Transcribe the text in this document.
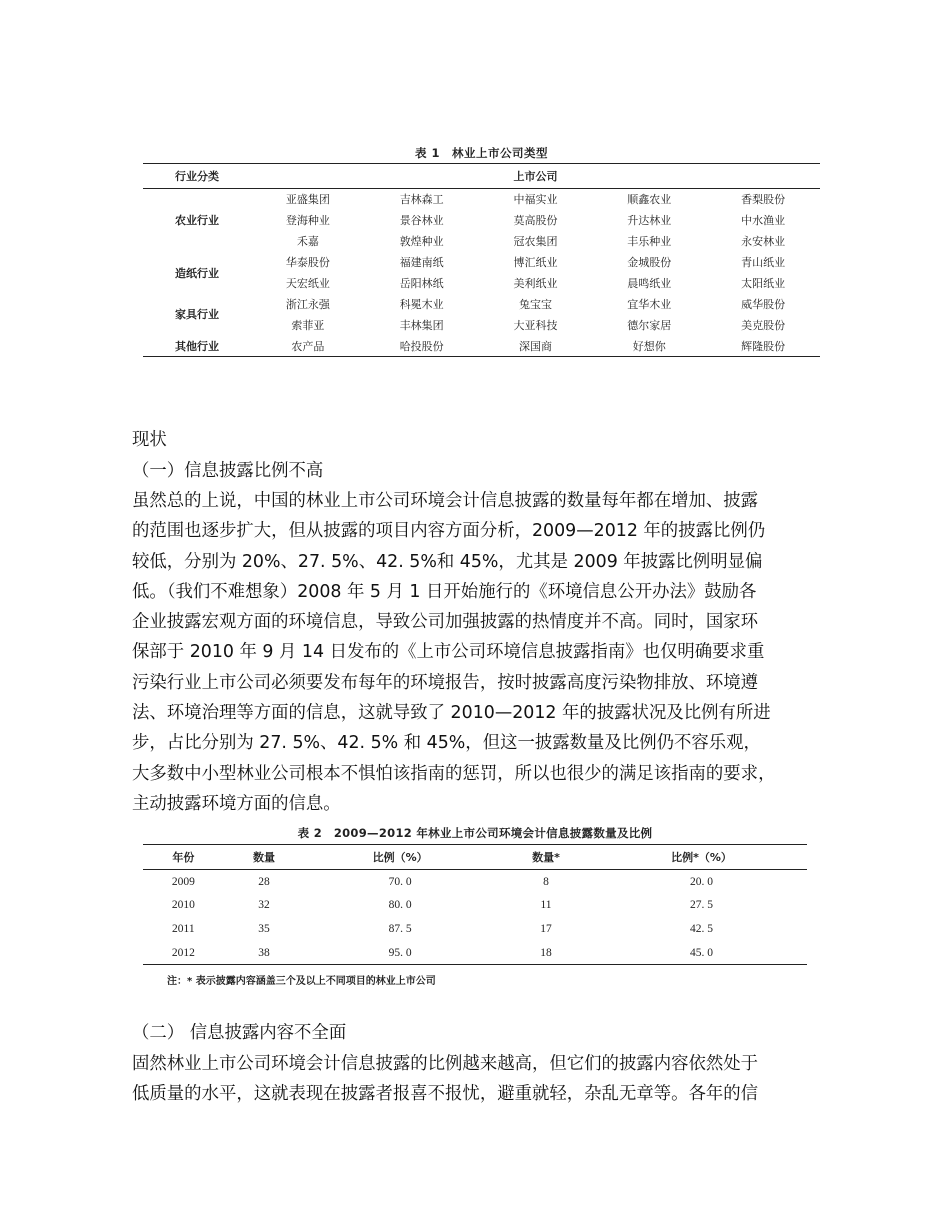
表 1　林业上市公司类型
行业分类	上市公司				
农业行业	亚盛集团	吉林森工	中福实业	顺鑫农业	香梨股份
	登海种业	景谷林业	莫高股份	升达林业	中水渔业
	禾嘉	敦煌种业	冠农集团	丰乐种业	永安林业
造纸行业	华泰股份	福建南纸	博汇纸业	金城股份	青山纸业
	天宏纸业	岳阳林纸	美利纸业	晨鸣纸业	太阳纸业
家具行业	浙江永强	科冕木业	兔宝宝	宜华木业	威华股份
	索菲亚	丰林集团	大亚科技	德尔家居	美克股份
其他行业	农产品	哈投股份	深国商	好想你	辉隆股份
现状
（一）信息披露比例不高
虽然总的上说，中国的林业上市公司环境会计信息披露的数量每年都在增加、披露
的范围也逐步扩大，但从披露的项目内容方面分析，2009—2012 年的披露比例仍
较低，分别为 20%、27. 5%、42. 5%和 45%，尤其是 2009 年披露比例明显偏
低。（我们不难想象）2008 年 5 月 1 日开始施行的《环境信息公开办法》鼓励各
企业披露宏观方面的环境信息，导致公司加强披露的热情度并不高。同时，国家环
保部于 2010 年 9 月 14 日发布的《上市公司环境信息披露指南》也仅明确要求重
污染行业上市公司必须要发布每年的环境报告，按时披露高度污染物排放、环境遵
法、环境治理等方面的信息，这就导致了 2010—2012 年的披露状况及比例有所进
步，占比分别为 27. 5%、42. 5% 和 45%，但这一披露数量及比例仍不容乐观，
大多数中小型林业公司根本不惧怕该指南的惩罚，所以也很少的满足该指南的要求，
主动披露环境方面的信息。
表 2　2009—2012 年林业上市公司环境会计信息披露数量及比例
年份	数量	比例（%）	数量*	比例*（%）
2009	28	70. 0	8	20. 0
2010	32	80. 0	11	27. 5
2011	35	87. 5	17	42. 5
2012	38	95. 0	18	45. 0
注：* 表示披露内容涵盖三个及以上不同项目的林业上市公司
（二） 信息披露内容不全面
固然林业上市公司环境会计信息披露的比例越来越高，但它们的披露内容依然处于
低质量的水平，这就表现在披露者报喜不报忧，避重就轻，杂乱无章等。各年的信
